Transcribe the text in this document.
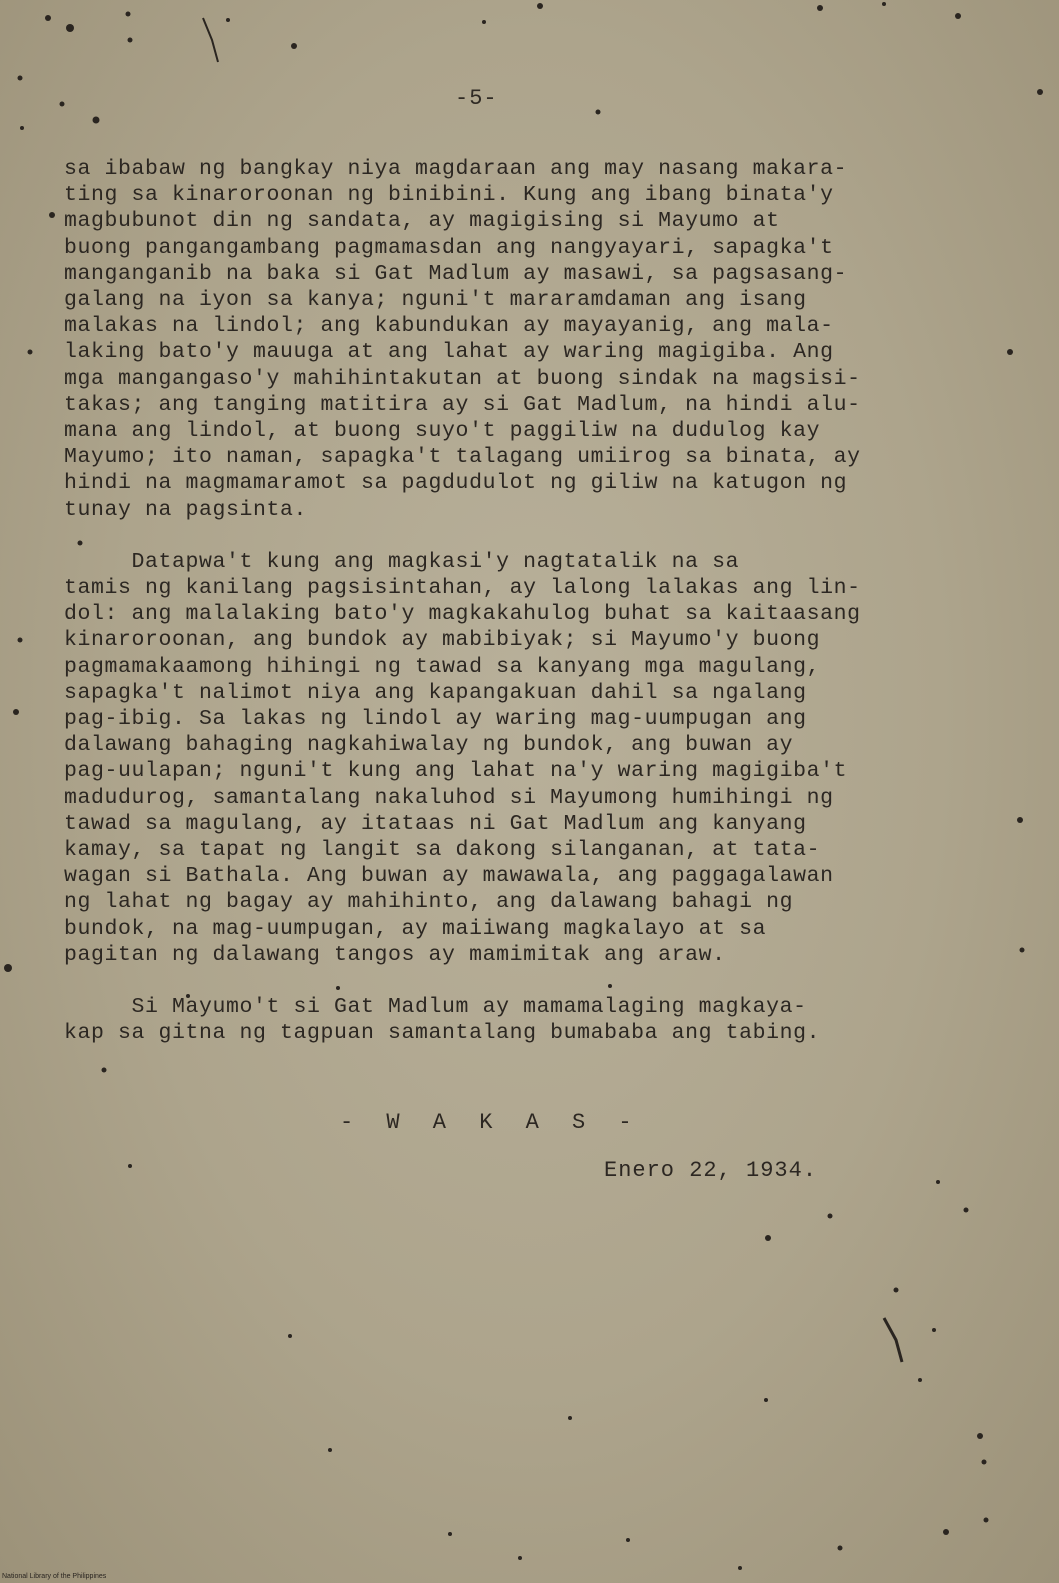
-5-
sa ibabaw ng bangkay niya magdaraan ang may nasang makara-
ting sa kinaroroonan ng binibini. Kung ang ibang binata'y
magbubunot din ng sandata, ay magigising si Mayumo at
buong pangangambang pagmamasdan ang nangyayari, sapagka't
manganganib na baka si Gat Madlum ay masawi, sa pagsasang-
galang na iyon sa kanya; nguni't mararamdaman ang isang
malakas na lindol; ang kabundukan ay mayayanig, ang mala-
laking bato'y mauuga at ang lahat ay waring magigiba. Ang
mga mangangaso'y mahihintakutan at buong sindak na magsisi-
takas; ang tanging matitira ay si Gat Madlum, na hindi alu-
mana ang lindol, at buong suyo't paggiliw na dudulog kay
Mayumo; ito naman, sapagka't talagang umiirog sa binata, ay
hindi na magmamaramot sa pagdudulot ng giliw na katugon ng
tunay na pagsinta.
Datapwa't kung ang magkasi'y nagtatalik na sa
tamis ng kanilang pagsisintahan, ay lalong lalakas ang lin-
dol: ang malalaking bato'y magkakahulog buhat sa kaitaasang
kinaroroonan, ang bundok ay mabibiyak; si Mayumo'y buong
pagmamakaamong hihingi ng tawad sa kanyang mga magulang,
sapagka't nalimot niya ang kapangakuan dahil sa ngalang
pag-ibig. Sa lakas ng lindol ay waring mag-uumpugan ang
dalawang bahaging nagkahiwalay ng bundok, ang buwan ay
pag-uulapan; nguni't kung ang lahat na'y waring magigiba't
madudurog, samantalang nakaluhod si Mayumong humihingi ng
tawad sa magulang, ay itataas ni Gat Madlum ang kanyang
kamay, sa tapat ng langit sa dakong silanganan, at tata-
wagan si Bathala. Ang buwan ay mawawala, ang paggagalawan
ng lahat ng bagay ay mahihinto, ang dalawang bahagi ng
bundok, na mag-uumpugan, ay maiiwang magkalayo at sa
pagitan ng dalawang tangos ay mamimitak ang araw.
Si Mayumo't si Gat Madlum ay mamamalaging magkaya-
kap sa gitna ng tagpuan samantalang bumababa ang tabing.
- W A K A S -
Enero 22, 1934.
National Library of the Philippines
